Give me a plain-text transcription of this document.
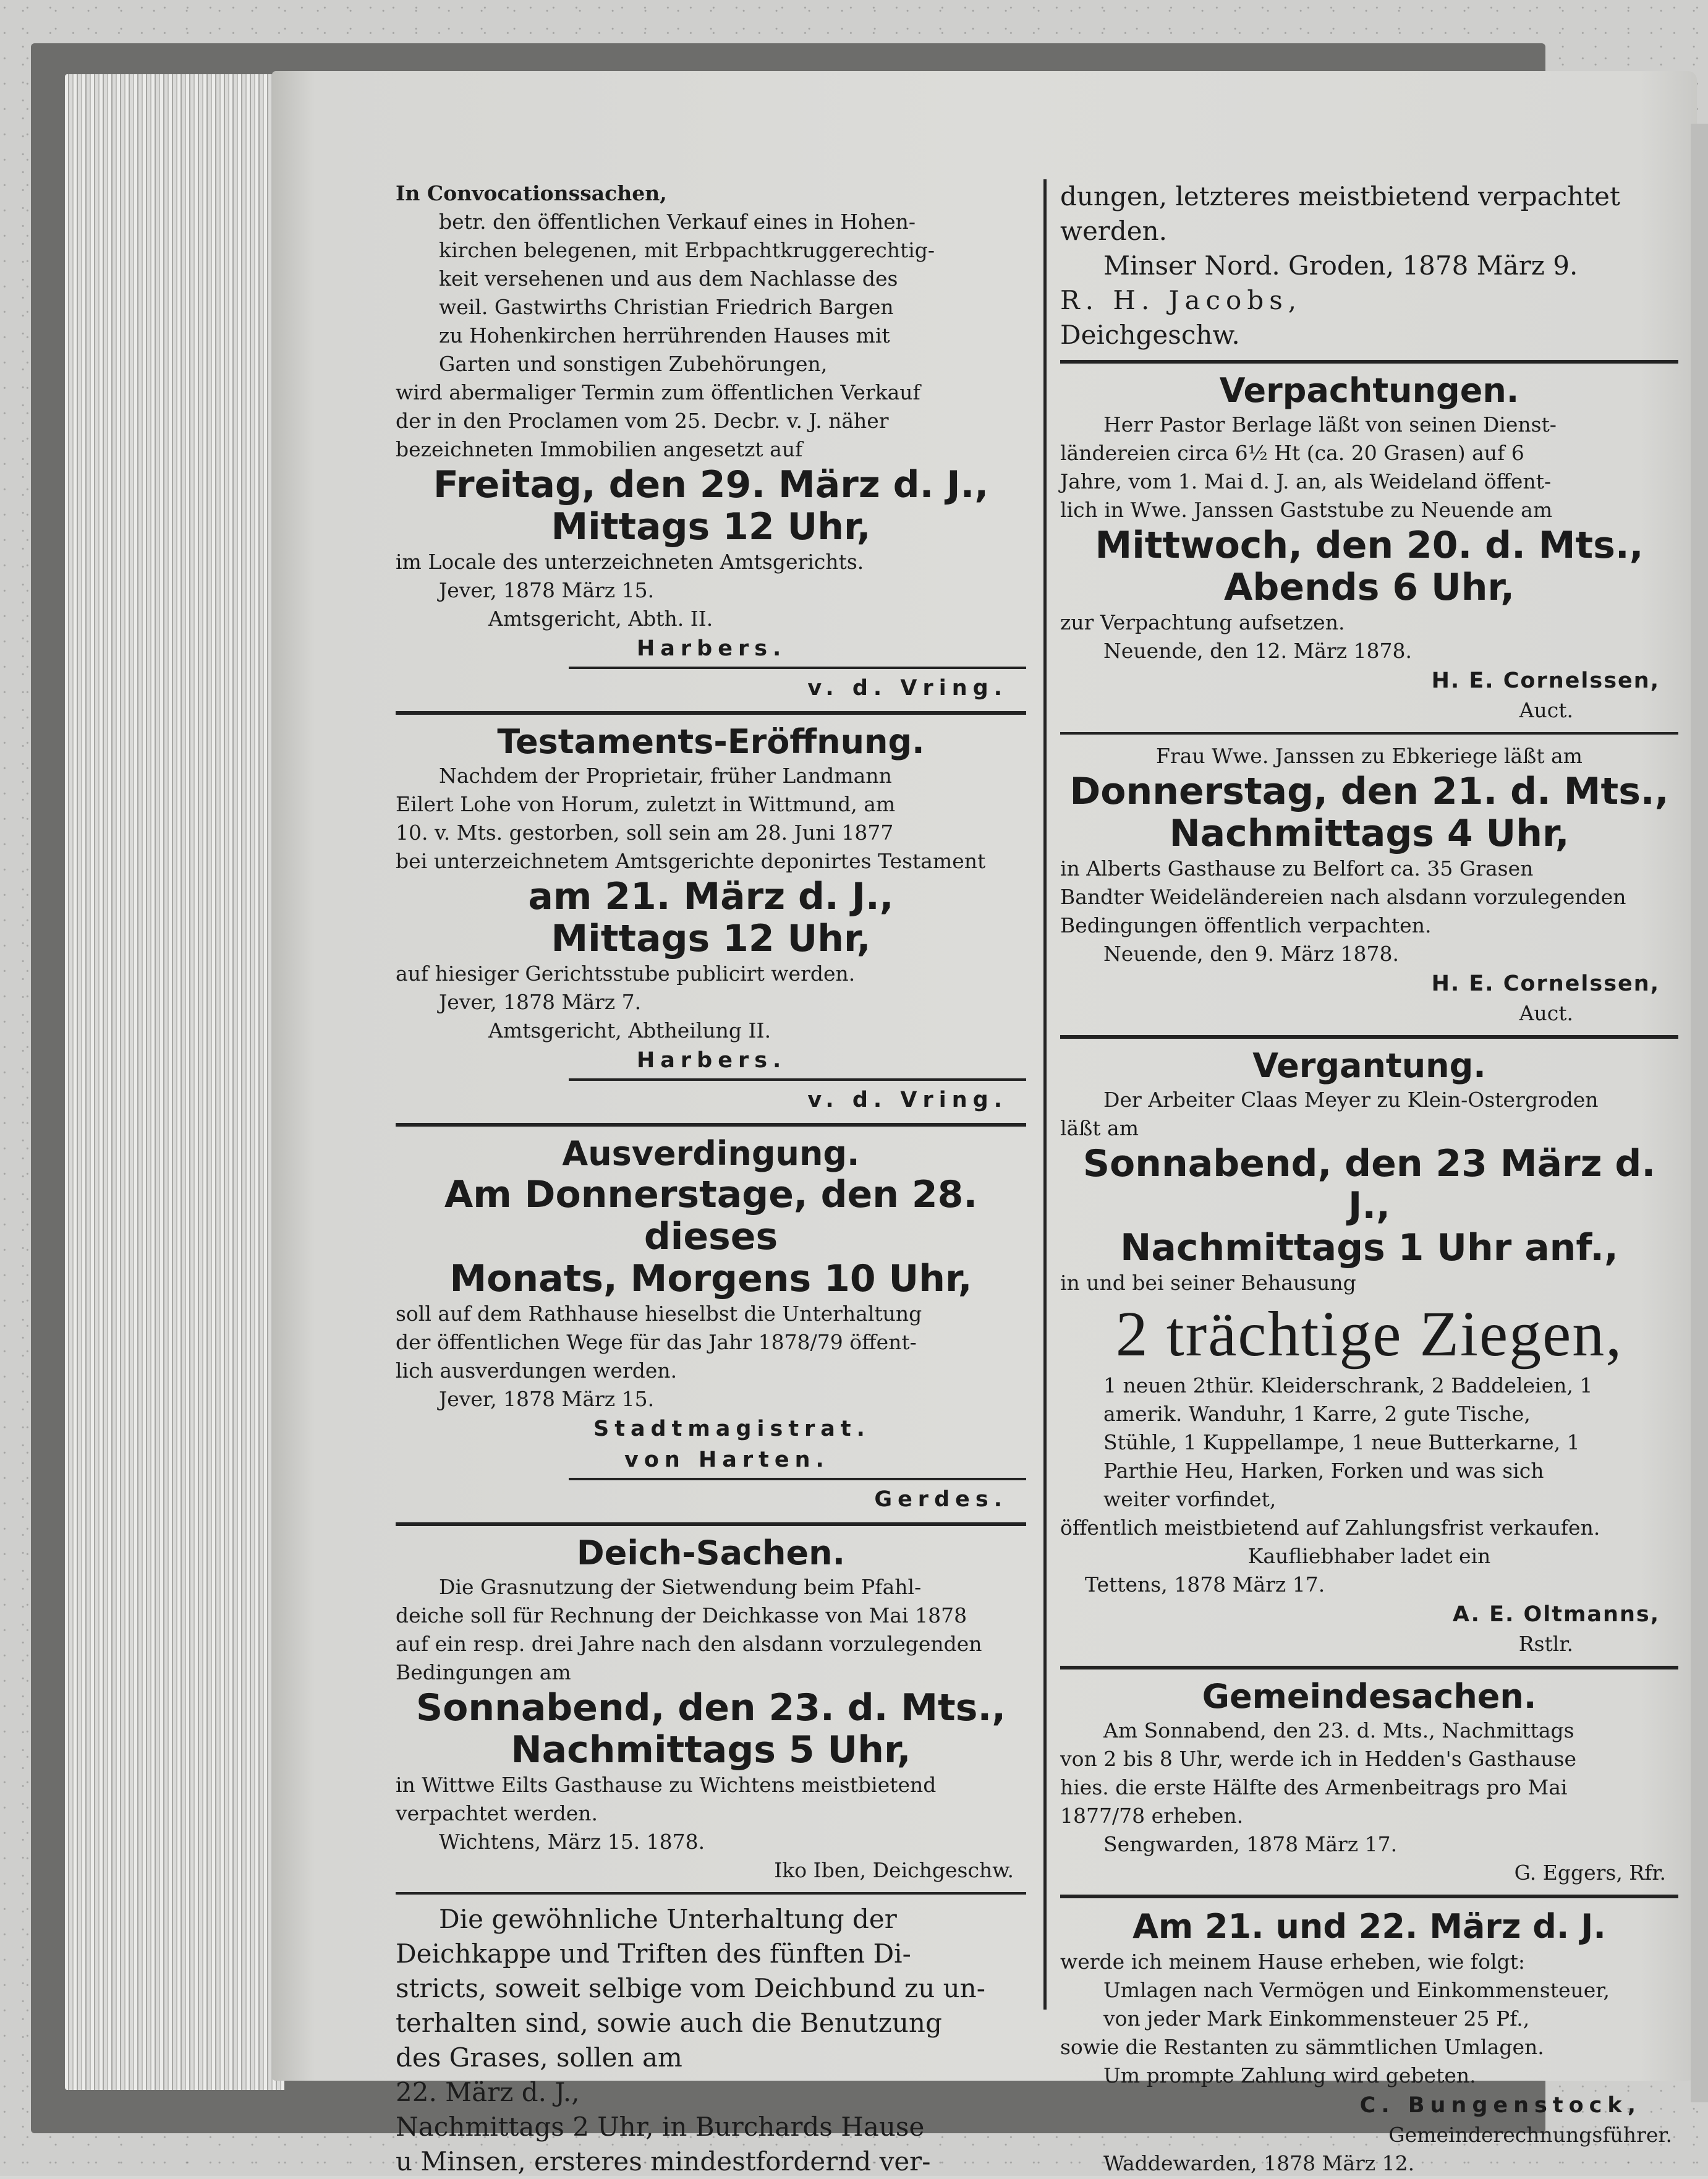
In Convocationssachen,
betr. den öffentlichen Verkauf eines in Hohen-
kirchen belegenen, mit Erbpachtkruggerechtig-
keit versehenen und aus dem Nachlasse des
weil. Gastwirths Christian Friedrich Bargen
zu Hohenkirchen herrührenden Hauses mit
Garten und sonstigen Zubehörungen,
wird abermaliger Termin zum öffentlichen Verkauf
der in den Proclamen vom 25. Decbr. v. J. näher
bezeichneten Immobilien angesetzt auf
Freitag, den 29. März d. J.,
Mittags 12 Uhr,
im Locale des unterzeichneten Amtsgerichts.
Jever, 1878 März 15.
Amtsgericht, Abth. II.
Harbers.
v. d. Vring.
Testaments-Eröffnung.
Nachdem der Proprietair, früher Landmann
Eilert Lohe von Horum, zuletzt in Wittmund, am
10. v. Mts. gestorben, soll sein am 28. Juni 1877
bei unterzeichnetem Amtsgerichte deponirtes Testament
am 21. März d. J.,
Mittags 12 Uhr,
auf hiesiger Gerichtsstube publicirt werden.
Jever, 1878 März 7.
Amtsgericht, Abtheilung II.
Harbers.
v. d. Vring.
Ausverdingung.
Am Donnerstage, den 28. dieses
Monats, Morgens 10 Uhr,
soll auf dem Rathhause hieselbst die Unterhaltung
der öffentlichen Wege für das Jahr 1878/79 öffent-
lich ausverdungen werden.
Jever, 1878 März 15.
Stadtmagistrat.
von Harten.
Gerdes.
Deich-Sachen.
Die Grasnutzung der Sietwendung beim Pfahl-
deiche soll für Rechnung der Deichkasse von Mai 1878
auf ein resp. drei Jahre nach den alsdann vorzulegenden
Bedingungen am
Sonnabend, den 23. d. Mts.,
Nachmittags 5 Uhr,
in Wittwe Eilts Gasthause zu Wichtens meistbietend
verpachtet werden.
Wichtens, März 15. 1878.
Iko Iben, Deichgeschw.
Die gewöhnliche Unterhaltung der
Deichkappe und Triften des fünften Di-
stricts, soweit selbige vom Deichbund zu un-
terhalten sind, sowie auch die Benutzung
des Grases, sollen am
22. März d. J.,
Nachmittags 2 Uhr, in Burchards Hause
u Minsen, ersteres mindestfordernd ver-
dungen, letzteres meistbietend verpachtet
werden.
Minser Nord. Groden, 1878 März 9.
R. H. Jacobs,
Deichgeschw.
Verpachtungen.
Herr Pastor Berlage läßt von seinen Dienst-
ländereien circa 6½ Ht (ca. 20 Grasen) auf 6
Jahre, vom 1. Mai d. J. an, als Weideland öffent-
lich in Wwe. Janssen Gaststube zu Neuende am
Mittwoch, den 20. d. Mts.,
Abends 6 Uhr,
zur Verpachtung aufsetzen.
Neuende, den 12. März 1878.
H. E. Cornelssen,
Auct.
Frau Wwe. Janssen zu Ebkeriege läßt am
Donnerstag, den 21. d. Mts.,
Nachmittags 4 Uhr,
in Alberts Gasthause zu Belfort ca. 35 Grasen
Bandter Weideländereien nach alsdann vorzulegenden
Bedingungen öffentlich verpachten.
Neuende, den 9. März 1878.
H. E. Cornelssen,
Auct.
Vergantung.
Der Arbeiter Claas Meyer zu Klein-Ostergroden
läßt am
Sonnabend, den 23 März d. J.,
Nachmittags 1 Uhr anf.,
in und bei seiner Behausung
2 trächtige Ziegen,
1 neuen 2thür. Kleiderschrank, 2 Baddeleien, 1
amerik. Wanduhr, 1 Karre, 2 gute Tische,
Stühle, 1 Kuppellampe, 1 neue Butterkarne, 1
Parthie Heu, Harken, Forken und was sich
weiter vorfindet,
öffentlich meistbietend auf Zahlungsfrist verkaufen.
Kaufliebhaber ladet ein
Tettens, 1878 März 17.
A. E. Oltmanns,
Rstlr.
Gemeindesachen.
Am Sonnabend, den 23. d. Mts., Nachmittags
von 2 bis 8 Uhr, werde ich in Hedden's Gasthause
hies. die erste Hälfte des Armenbeitrags pro Mai
1877/78 erheben.
Sengwarden, 1878 März 17.
G. Eggers, Rfr.
Am 21. und 22. März d. J.
werde ich meinem Hause erheben, wie folgt:
Umlagen nach Vermögen und Einkommensteuer,
von jeder Mark Einkommensteuer 25 Pf.,
sowie die Restanten zu sämmtlichen Umlagen.
Um prompte Zahlung wird gebeten.
C. Bungenstock,
Gemeinderechnungsführer.
Waddewarden, 1878 März 12.
